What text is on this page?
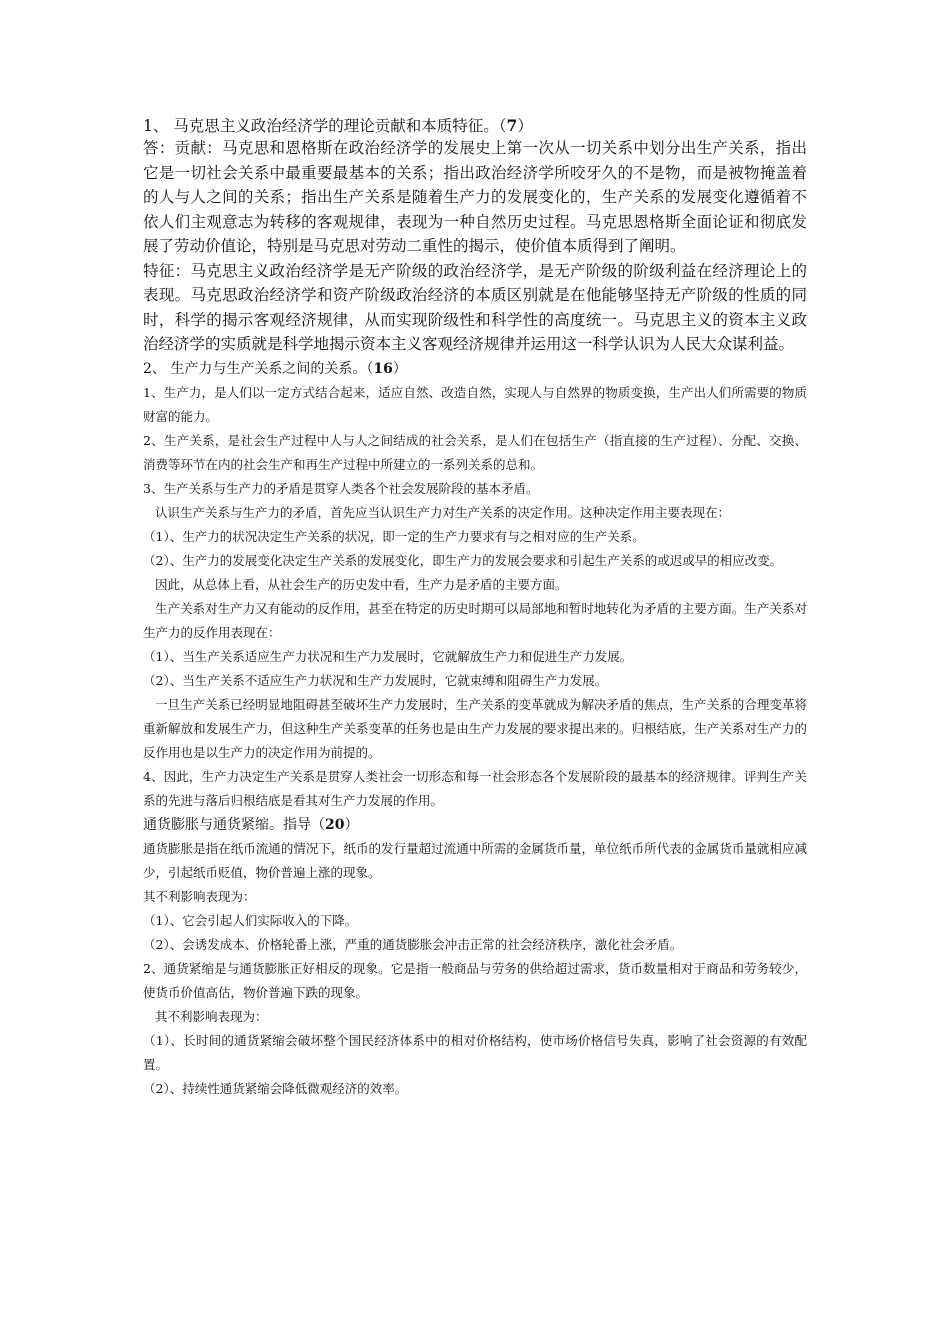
1、 马克思主义政治经济学的理论贡献和本质特征。（7）

答：贡献：马克思和恩格斯在政治经济学的发展史上第一次从一切关系中划分出生产关系，指出它是一切社会关系中最重要最基本的关系；指出政治经济学所咬牙久的不是物，而是被物掩盖着的人与人之间的关系；指出生产关系是随着生产力的发展变化的，生产关系的发展变化遵循着不依人们主观意志为转移的客观规律，表现为一种自然历史过程。马克思恩格斯全面论证和彻底发展了劳动价值论，特别是马克思对劳动二重性的揭示，使价值本质得到了阐明。

特征：马克思主义政治经济学是无产阶级的政治经济学，是无产阶级的阶级利益在经济理论上的表现。马克思政治经济学和资产阶级政治经济的本质区别就是在他能够坚持无产阶级的性质的同时，科学的揭示客观经济规律，从而实现阶级性和科学性的高度统一。马克思主义的资本主义政治经济学的实质就是科学地揭示资本主义客观经济规律并运用这一科学认识为人民大众谋利益。

2、 生产力与生产关系之间的关系。（16）

1、生产力，是人们以一定方式结合起来，适应自然、改造自然，实现人与自然界的物质变换，生产出人们所需要的物质财富的能力。

2、生产关系，是社会生产过程中人与人之间结成的社会关系，是人们在包括生产（指直接的生产过程）、分配、交换、消费等环节在内的社会生产和再生产过程中所建立的一系列关系的总和。

3、生产关系与生产力的矛盾是贯穿人类各个社会发展阶段的基本矛盾。

认识生产关系与生产力的矛盾，首先应当认识生产力对生产关系的决定作用。这种决定作用主要表现在：

（1）、生产力的状况决定生产关系的状况，即一定的生产力要求有与之相对应的生产关系。

（2）、生产力的发展变化决定生产关系的发展变化，即生产力的发展会要求和引起生产关系的或迟或早的相应改变。

因此，从总体上看，从社会生产的历史发中看，生产力是矛盾的主要方面。

生产关系对生产力又有能动的反作用，甚至在特定的历史时期可以局部地和暂时地转化为矛盾的主要方面。生产关系对生产力的反作用表现在：

（1）、当生产关系适应生产力状况和生产力发展时，它就解放生产力和促进生产力发展。

（2）、当生产关系不适应生产力状况和生产力发展时，它就束缚和阻碍生产力发展。

一旦生产关系已经明显地阻碍甚至破坏生产力发展时，生产关系的变革就成为解决矛盾的焦点，生产关系的合理变革将重新解放和发展生产力，但这种生产关系变革的任务也是由生产力发展的要求提出来的。归根结底，生产关系对生产力的反作用也是以生产力的决定作用为前提的。

4、因此，生产力决定生产关系是贯穿人类社会一切形态和每一社会形态各个发展阶段的最基本的经济规律。评判生产关系的先进与落后归根结底是看其对生产力发展的作用。

通货膨胀与通货紧缩。指导（20）

通货膨胀是指在纸币流通的情况下，纸币的发行量超过流通中所需的金属货币量，单位纸币所代表的金属货币量就相应减少，引起纸币贬值，物价普遍上涨的现象。

其不利影响表现为：

（1）、它会引起人们实际收入的下降。

（2）、会诱发成本、价格轮番上涨，严重的通货膨胀会冲击正常的社会经济秩序，激化社会矛盾。

2、通货紧缩是与通货膨胀正好相反的现象。它是指一般商品与劳务的供给超过需求，货币数量相对于商品和劳务较少，使货币价值高估，物价普遍下跌的现象。

其不利影响表现为：

（1）、长时间的通货紧缩会破坏整个国民经济体系中的相对价格结构，使市场价格信号失真，影响了社会资源的有效配置。

（2）、持续性通货紧缩会降低微观经济的效率。
